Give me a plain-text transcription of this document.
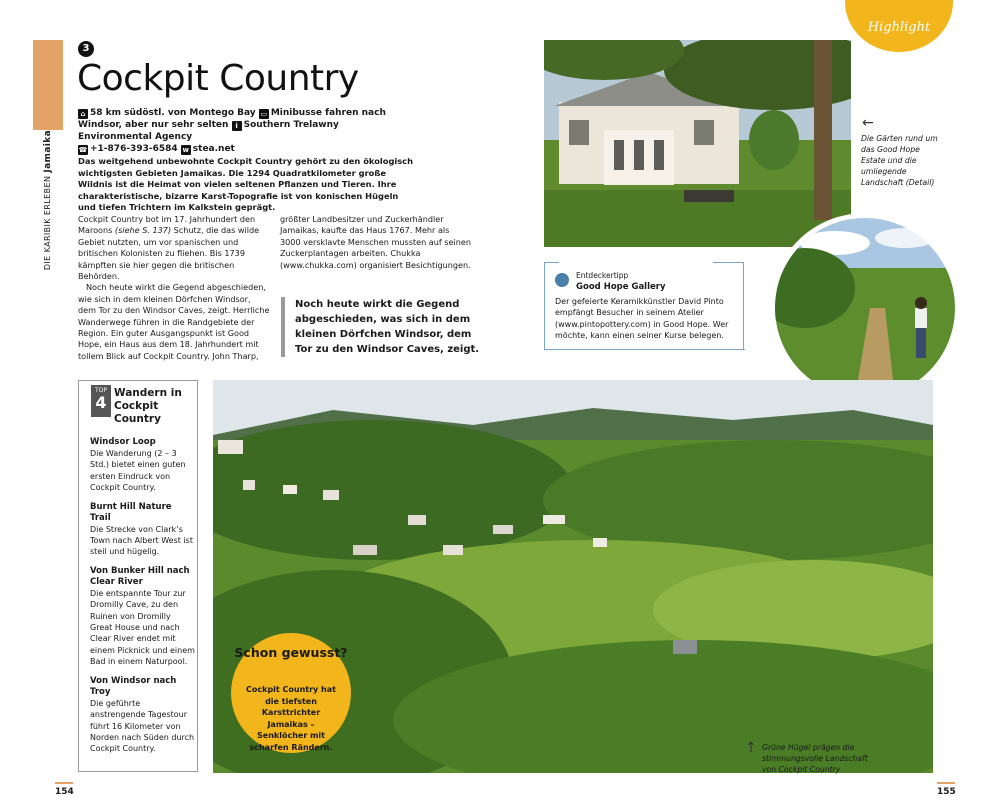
DIE KARIBIK ERLEBEN Jamaika
3
Cockpit Country
⌂ 58 km südöstl. von Montego Bay ▭ Minibusse fahren nach Windsor, aber nur sehr selten i Southern Trelawny Environmental Agency
☎ +1-876-393-6584 w stea.net
Das weitgehend unbewohnte Cockpit Country gehört zu den ökologisch wichtigsten Gebieten Jamaikas. Die 1294 Quadratkilometer große Wildnis ist die Heimat von vielen seltenen Pflanzen und Tieren. Ihre charakteristische, bizarre Karst-Topografie ist von konischen Hügeln und tiefen Trichtern im Kalkstein geprägt.
Cockpit Country bot im 17. Jahrhundert den Maroons (siehe S. 137) Schutz, die das wilde Gebiet nutzten, um vor spanischen und britischen Kolonisten zu fliehen. Bis 1739 kämpften sie hier gegen die britischen Behörden.
Noch heute wirkt die Gegend abgeschieden, wie sich in dem kleinen Dörfchen Windsor, dem Tor zu den Windsor Caves, zeigt. Herrliche Wanderwege führen in die Randgebiete der Region. Ein guter Ausgangspunkt ist Good Hope, ein Haus aus dem 18. Jahrhundert mit tollem Blick auf Cockpit Country. John Tharp,
größter Landbesitzer und Zuckerhändler Jamaikas, kaufte das Haus 1767. Mehr als 3000 versklavte Menschen mussten auf seinen Zuckerplantagen arbeiten. Chukka (www.chukka.com) organisiert Besichtigungen.
Noch heute wirkt die Gegend abgeschieden, was sich in dem kleinen Dörfchen Windsor, dem Tor zu den Windsor Caves, zeigt.
TOP
4 Wandern in Cockpit Country
Windsor Loop
Die Wanderung (2 – 3 Std.) bietet einen guten ersten Eindruck von Cockpit Country.
Burnt Hill Nature Trail
Die Strecke von Clark’s Town nach Albert West ist steil und hügelig.
Von Bunker Hill nach Clear River
Die entspannte Tour zur Dromilly Cave, zu den Ruinen von Dromilly Great House und nach Clear River endet mit einem Picknick und einem Bad in einem Naturpool.
Von Windsor nach Troy
Die geführte anstrengende Tagestour führt 16 Kilometer von Norden nach Süden durch Cockpit Country.
154	155
Highlight
←
Die Gärten rund um das Good Hope Estate und die umliegende Landschaft (Detail)
Entdeckertipp
Good Hope Gallery
Der gefeierte Keramikkünstler David Pinto empfängt Besucher in seinem Atelier (www.pintopottery.com) in Good Hope. Wer möchte, kann einen seiner Kurse belegen.
↑ Grüne Hügel prägen die stimmungsvolle Landschaft von Cockpit Country
Schon gewusst?
Cockpit Country hat die tiefsten Karsttrichter Jamaikas – Senklöcher mit scharfen Rändern.
